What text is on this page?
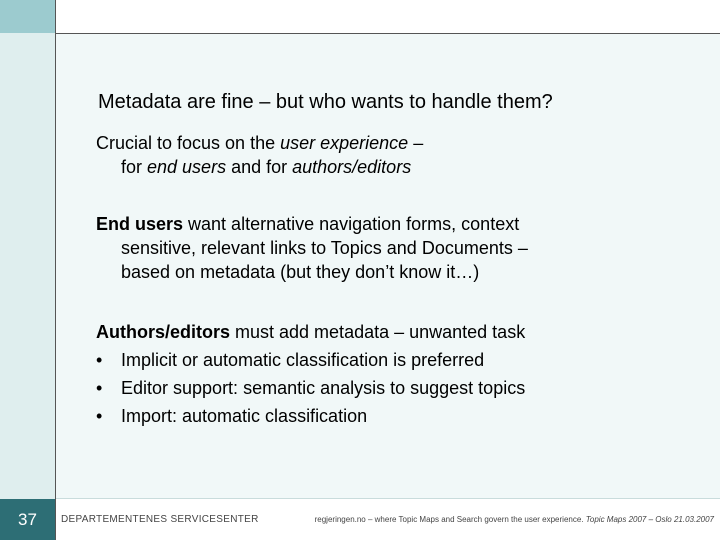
37
Metadata are fine – but who wants to handle them?
Crucial to focus on the user experience –
for end users and for authors/editors
End users want alternative navigation forms, context
sensitive, relevant links to Topics and Documents –
based on metadata (but they don’t know it…)
Authors/editors must add metadata – unwanted task
• Implicit or automatic classification is preferred
• Editor support: semantic analysis to suggest topics
• Import: automatic classification
DEPARTEMENTENES SERVICESENTER	regjeringen.no – where Topic Maps and Search govern the user experience. Topic Maps 2007 – Oslo 21.03.2007
